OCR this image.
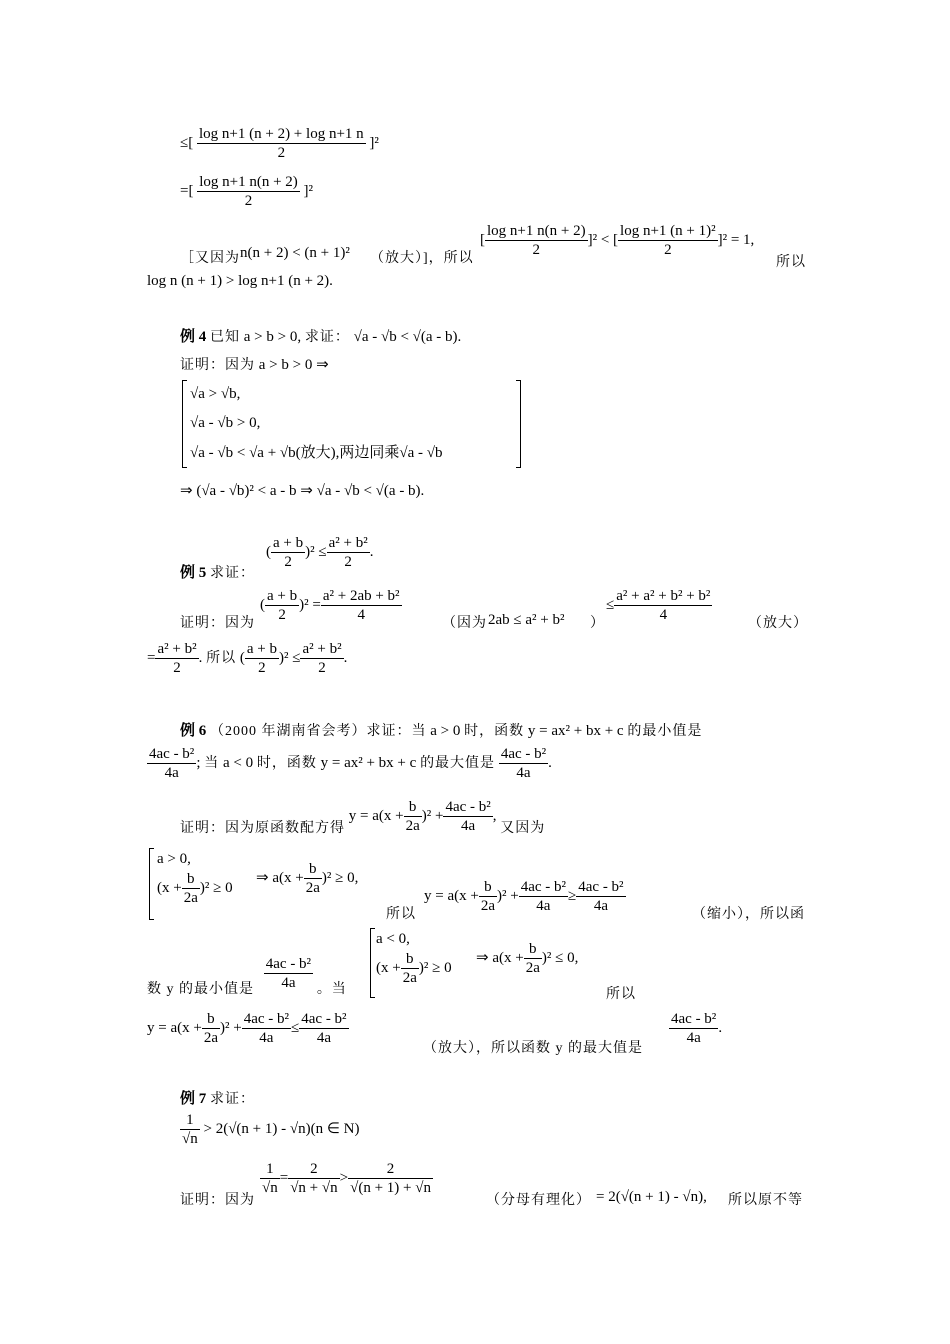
≤[ $\frac{\text{log n+1 (n + 2) + log n+1 n}}{2} ]^2$
=[ $\frac{\text{log n+1 n(n + 2)}}{2} ]^2$
［又因为 n(n + 2) < (n + 1)² （放大）]，所以
[ $\frac{\text{log n+1 n(n + 2)}}{2} ]^2$ < [ $\frac{\text{log n+1 (n + 1)²}}{2} ]^2 = 1$,
所以
log n (n + 1) > log n+1 (n + 2).
例 4 已知 a > b > 0, 求证： √a - √b < √(a - b).
证明：因为 a > b > 0 ⇒
√a > √b,
√a - √b > 0,
√a - √b < √a + √b(放大),两边同乘√a - √b
⇒ (√a - √b)² < a - b ⇒ √a - √b < √(a - b).
( $\frac{a + b}{2} )^2 \le \frac{\text{a² + b²}}{2}$ .
例 5 求证：
证明：因为
( $\frac{a + b}{2} )^2 = \frac{\text{a² + 2ab + b²}}{4}$	（因为 2ab ≤ a² + b² ）
≤ $\frac{\text{a² + a² + b² + b²}}{4}$	（放大）
= $\frac{\text{a² + b²}}{2}$ . 所以 ( $\frac{a + b}{2} )^2 \le \frac{\text{a² + b²}}{2}$ .
例 6 （2000 年湖南省会考）求证：当 a > 0 时，函数 y = ax² + bx + c 的最小值是
$\frac{\text{4ac - b²}}{4a}$ ; 当 a < 0 时，函数 y = ax² + bx + c 的最大值是 $\frac{\text{4ac - b²}}{4a}$ .
证明：因为原函数配方得 $y = a(x + \frac{b}{2a} )^2 + \frac{\text{4ac - b²}}{4a}$ , 又因为
a > 0,
$(x + \frac{b}{2a} )^2 \ge 0$
⇒ $a(x + \frac{b}{2a} )^2 \ge 0$,
所以
$y = a(x + \frac{b}{2a} )^2 + \frac{\text{4ac - b²}}{4a} \ge \frac{\text{4ac - b²}}{4a}$	（缩小），所以函
数 y 的最小值是 $\frac{\text{4ac - b²}}{4a}$ 。当
a < 0,
$(x + \frac{b}{2a} )^2 \ge 0$
⇒ $a(x + \frac{b}{2a} )^2 \le 0$,
所以
$y = a(x + \frac{b}{2a} )^2 + \frac{\text{4ac - b²}}{4a} \le \frac{\text{4ac - b²}}{4a}$
（放大），所以函数 y 的最大值是
$\frac{\text{4ac - b²}}{4a}$ .
例 7 求证：
$\frac{1}{√n} > 2(√(n + 1) - √n)(n$ ∈ N)
证明：因为
$\frac{1}{√n} = \frac{2}{√n + √n} > \frac{2}{√(n + 1) + √n}$
（分母有理化） = 2(√(n + 1) - √n), 所以原不等
